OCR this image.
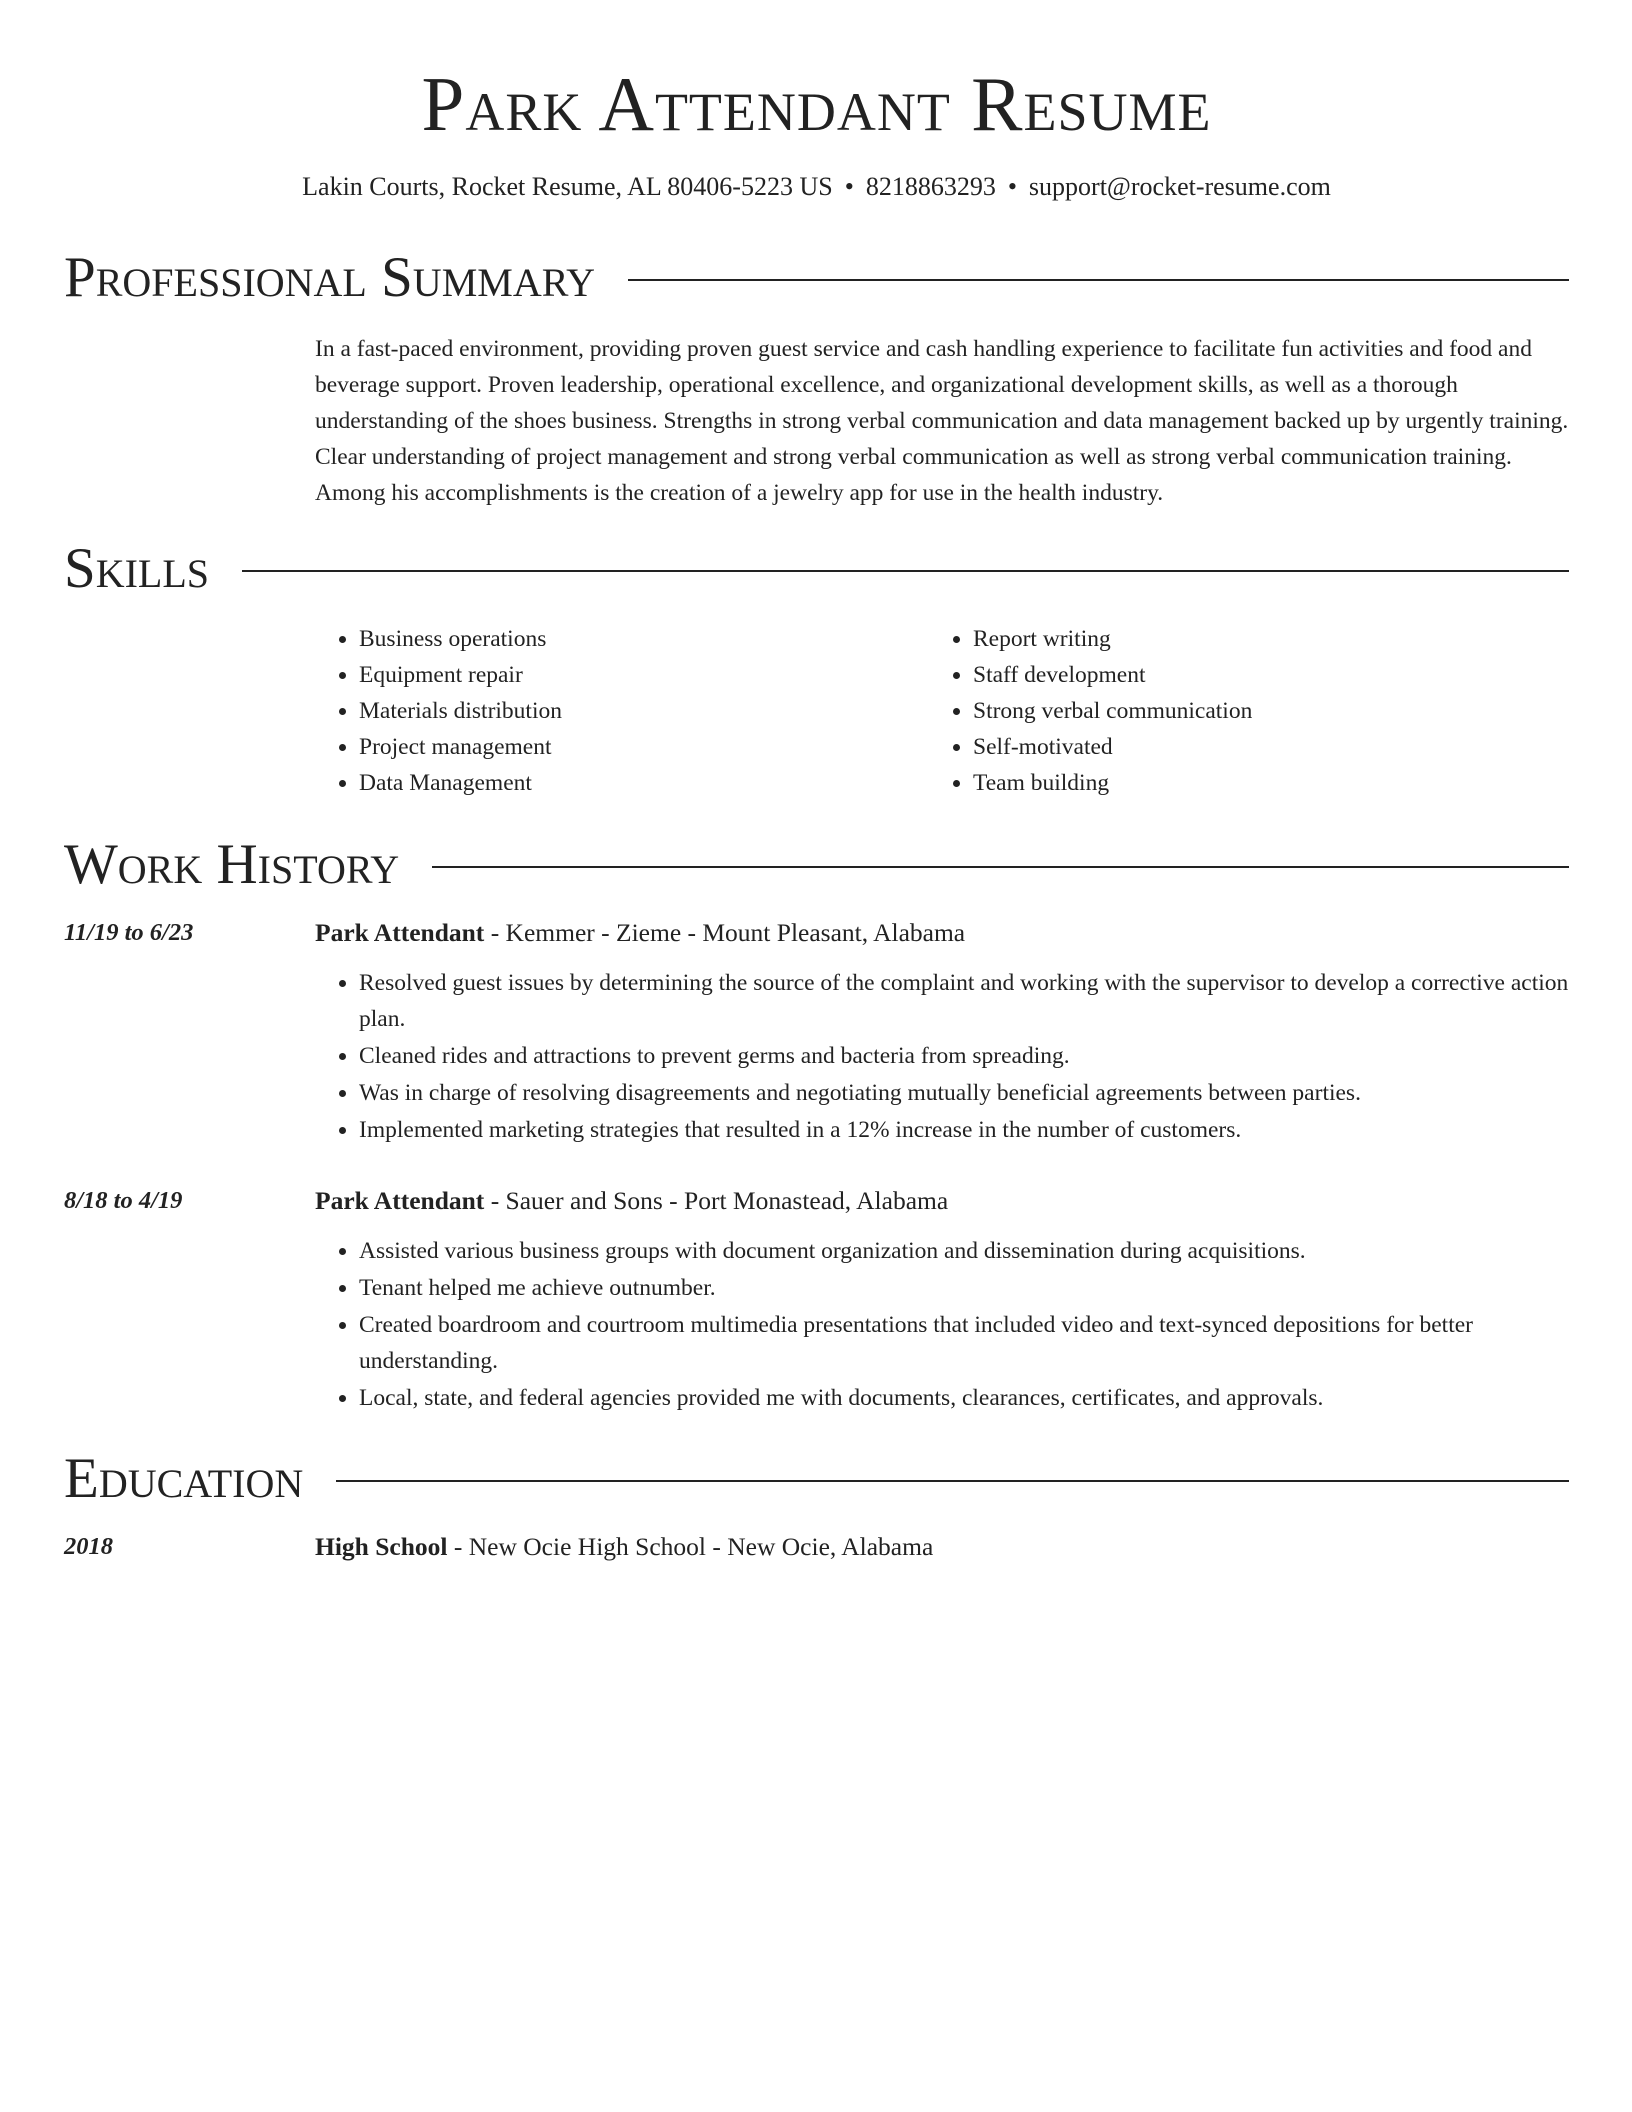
Park Attendant Resume
Lakin Courts, Rocket Resume, AL 80406-5223 US • 8218863293 • support@rocket-resume.com
Professional Summary

In a fast-paced environment, providing proven guest service and cash handling experience to facilitate fun activities and food and beverage support. Proven leadership, operational excellence, and organizational development skills, as well as a thorough understanding of the shoes business. Strengths in strong verbal communication and data management backed up by urgently training. Clear understanding of project management and strong verbal communication as well as strong verbal communication training. Among his accomplishments is the creation of a jewelry app for use in the health industry.

Skills
• Business operations
• Equipment repair
• Materials distribution
• Project management
• Data Management
• Report writing
• Staff development
• Strong verbal communication
• Self-motivated
• Team building
Work History
11/19 to 6/23	Park Attendant - Kemmer - Zieme - Mount Pleasant, Alabama
• Resolved guest issues by determining the source of the complaint and working with the supervisor to develop a corrective action plan.
• Cleaned rides and attractions to prevent germs and bacteria from spreading.
• Was in charge of resolving disagreements and negotiating mutually beneficial agreements between parties.
• Implemented marketing strategies that resulted in a 12% increase in the number of customers.
8/18 to 4/19	Park Attendant - Sauer and Sons - Port Monastead, Alabama
• Assisted various business groups with document organization and dissemination during acquisitions.
• Tenant helped me achieve outnumber.
• Created boardroom and courtroom multimedia presentations that included video and text-synced depositions for better understanding.
• Local, state, and federal agencies provided me with documents, clearances, certificates, and approvals.
Education
2018	High School - New Ocie High School - New Ocie, Alabama
